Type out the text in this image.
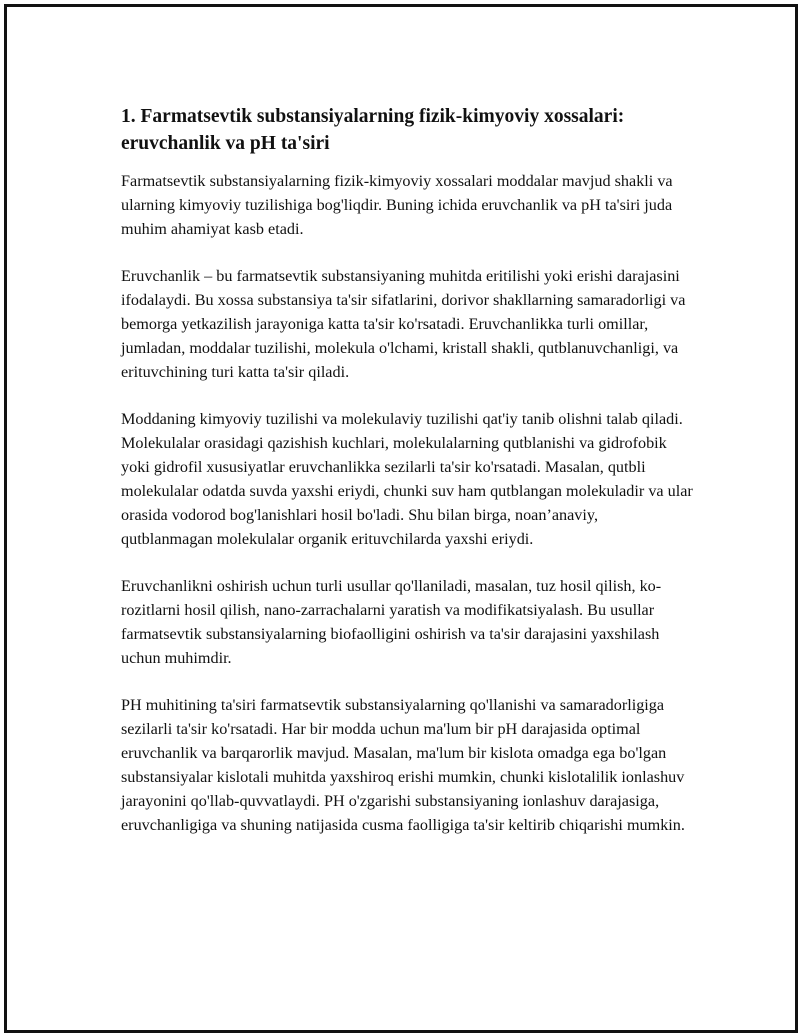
1. Farmatsevtik substansiyalarning fizik-kimyoviy xossalari: eruvchanlik va pH ta'siri

Farmatsevtik substansiyalarning fizik-kimyoviy xossalari moddalar mavjud shakli va ularning kimyoviy tuzilishiga bog'liqdir. Buning ichida eruvchanlik va pH ta'siri juda muhim ahamiyat kasb etadi.

Eruvchanlik – bu farmatsevtik substansiyaning muhitda eritilishi yoki erishi darajasini ifodalaydi. Bu xossa substansiya ta'sir sifatlarini, dorivor shakllarning samaradorligi va bemorga yetkazilish jarayoniga katta ta'sir ko'rsatadi. Eruvchanlikka turli omillar, jumladan, moddalar tuzilishi, molekula o'lchami, kristall shakli, qutblanuvchanligi, va erituvchining turi katta ta'sir qiladi.

Moddaning kimyoviy tuzilishi va molekulaviy tuzilishi qat'iy tanib olishni talab qiladi. Molekulalar orasidagi qazishish kuchlari, molekulalarning qutblanishi va gidrofobik yoki gidrofil xususiyatlar eruvchanlikka sezilarli ta'sir ko'rsatadi. Masalan, qutbli molekulalar odatda suvda yaxshi eriydi, chunki suv ham qutblangan molekuladir va ular orasida vodorod bog'lanishlari hosil bo'ladi. Shu bilan birga, noan’anaviy, qutblanmagan molekulalar organik erituvchilarda yaxshi eriydi.

Eruvchanlikni oshirish uchun turli usullar qo'llaniladi, masalan, tuz hosil qilish, ko-rozitlarni hosil qilish, nano-zarrachalarni yaratish va modifikatsiyalash. Bu usullar farmatsevtik substansiyalarning biofaolligini oshirish va ta'sir darajasini yaxshilash uchun muhimdir.

PH muhitining ta'siri farmatsevtik substansiyalarning qo'llanishi va samaradorligiga sezilarli ta'sir ko'rsatadi. Har bir modda uchun ma'lum bir pH darajasida optimal eruvchanlik va barqarorlik mavjud. Masalan, ma'lum bir kislota omadga ega bo'lgan substansiyalar kislotali muhitda yaxshiroq erishi mumkin, chunki kislotalilik ionlashuv jarayonini qo'llab-quvvatlaydi. PH o'zgarishi substansiyaning ionlashuv darajasiga, eruvchanligiga va shuning natijasida cusma faolligiga ta'sir keltirib chiqarishi mumkin.
